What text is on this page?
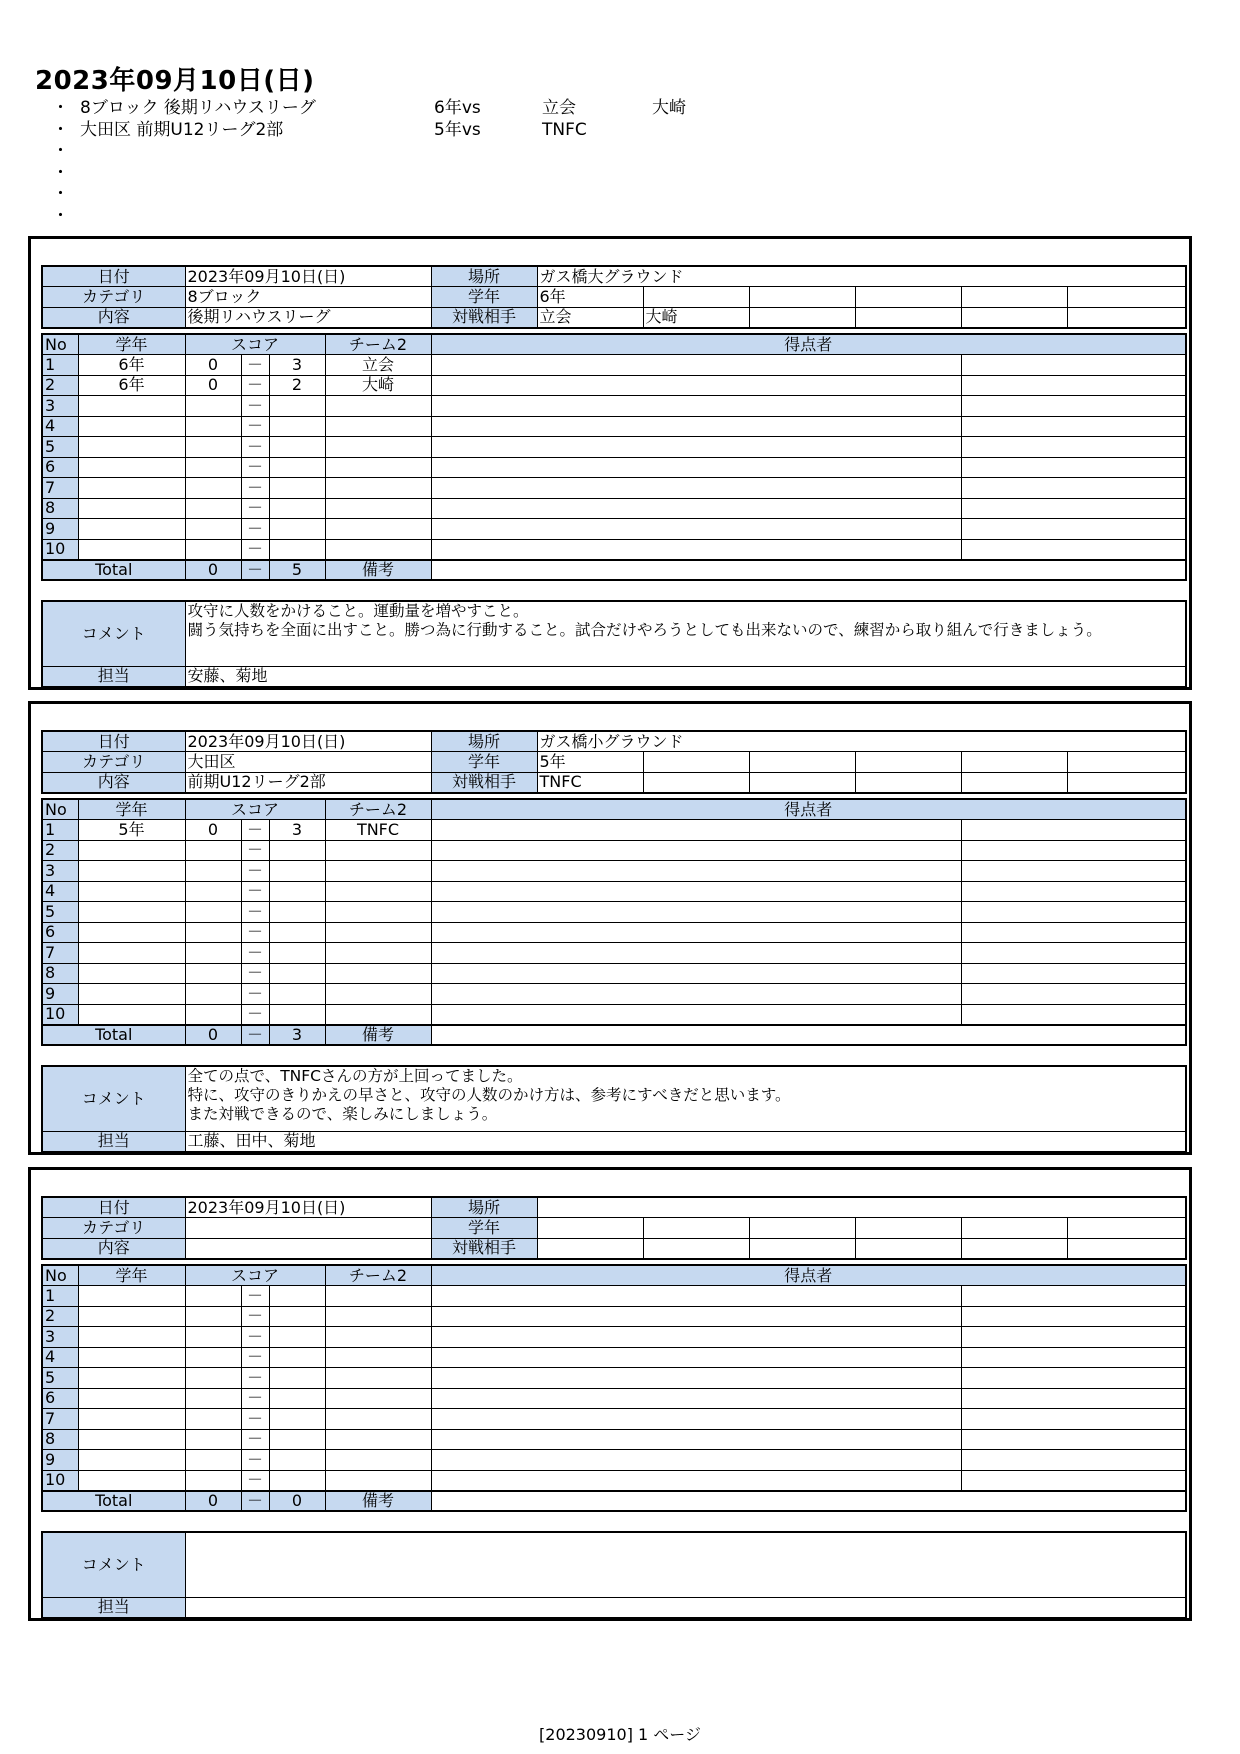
2023年09月10日(日)
・ 8ブロック 後期リハウスリーグ	6年vs	立会	大崎
・ 大田区 前期U12リーグ2部	5年vs	TNFC
・
・
・
・
日付	2023年09月10日(日)	場所	ガス橋大グラウンド					
カテゴリ	8ブロック	学年	6年					
内容	後期リハウスリーグ	対戦相手	立会	大崎				
No	学年	スコア			チーム2	得点者	
1	6年	0	－	3	立会		
2	6年	0	－	2	大崎		
3			－				
4			－				
5			－				
6			－				
7			－				
8			－				
9			－				
10			－				
Total		0	－	5	備考		
コメント	攻守に人数をかけること。運動量を増やすこと。
闘う気持ちを全面に出すこと。勝つ為に行動すること。試合だけやろうとしても出来ないので、練習から取り組んで行きましょう。
担当	安藤、菊地
日付	2023年09月10日(日)	場所	ガス橋小グラウンド					
カテゴリ	大田区	学年	5年					
内容	前期U12リーグ2部	対戦相手	TNFC					
No	学年	スコア			チーム2	得点者	
1	5年	0	－	3	TNFC		
2			－				
3			－				
4			－				
5			－				
6			－				
7			－				
8			－				
9			－				
10			－				
Total		0	－	3	備考		
コメント	全ての点で、TNFCさんの方が上回ってました。
特に、攻守のきりかえの早さと、攻守の人数のかけ方は、参考にすべきだと思います。
また対戦できるので、楽しみにしましょう。
担当	工藤、田中、菊地
日付	2023年09月10日(日)	場所						
カテゴリ		学年						
内容		対戦相手						
No	学年	スコア			チーム2	得点者	
1			－				
2			－				
3			－				
4			－				
5			－				
6			－				
7			－				
8			－				
9			－				
10			－				
Total		0	－	0	備考		
コメント	
担当	
[20230910] 1 ページ
